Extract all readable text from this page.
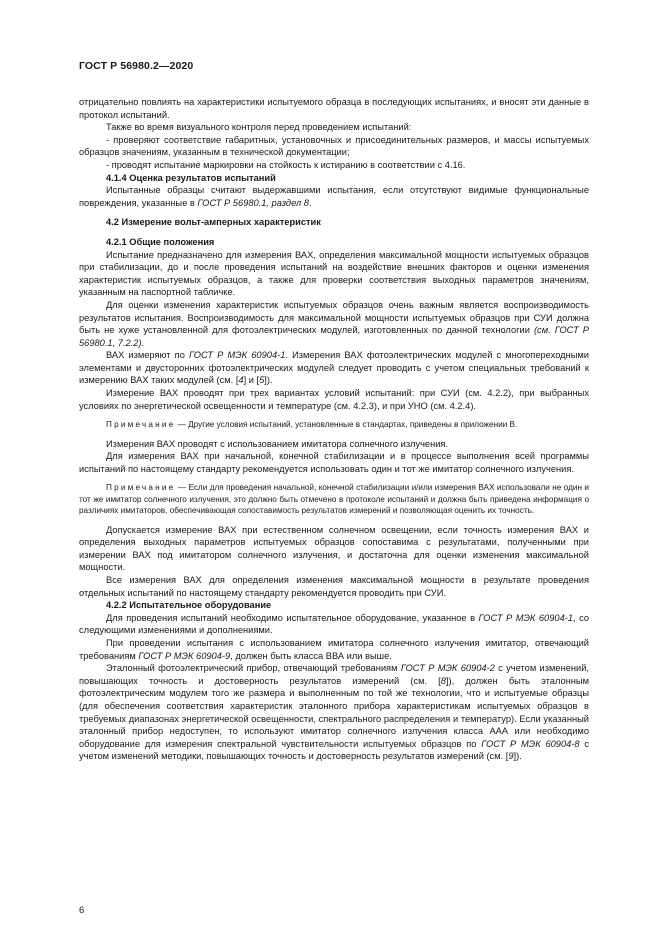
ГОСТ Р 56980.2—2020

отрицательно повлиять на характеристики испытуемого образца в последующих испытаниях, и вносят эти данные в протокол испытаний.

Также во время визуального контроля перед проведением испытаний:

- проверяют соответствие габаритных, установочных и присоединительных размеров, и массы испытуемых образцов значениям, указанным в технической документации;

- проводят испытание маркировки на стойкость к истиранию в соответствии с 4.16.

4.1.4 Оценка результатов испытаний

Испытанные образцы считают выдержавшими испытания, если отсутствуют видимые функциональные повреждения, указанные в ГОСТ Р 56980.1, раздел 8.

4.2 Измерение вольт-амперных характеристик

4.2.1 Общие положения

Испытание предназначено для измерения ВАХ, определения максимальной мощности испытуемых образцов при стабилизации, до и после проведения испытаний на воздействие внешних факторов и оценки изменения характеристик испытуемых образцов, а также для проверки соответствия выходных параметров значениям, указанным на паспортной табличке.

Для оценки изменения характеристик испытуемых образцов очень важным является воспроизводимость результатов испытания. Воспроизводимость для максимальной мощности испытуемых образцов при СУИ должна быть не хуже установленной для фотоэлектрических модулей, изготовленных по данной технологии (см. ГОСТ Р 56980.1, 7.2.2).

ВАХ измеряют по ГОСТ Р МЭК 60904-1. Измерения ВАХ фотоэлектрических модулей с многопереходными элементами и двусторонних фотоэлектрических модулей следует проводить с учетом специальных требований к измерению ВАХ таких модулей (см. [4] и [5]).

Измерение ВАХ проводят при трех вариантах условий испытаний: при СУИ (см. 4.2.2), при выбранных условиях по энергетической освещенности и температуре (см. 4.2.3), и при УНО (см. 4.2.4).

Примечание — Другие условия испытаний, установленные в стандартах, приведены в приложении В.

Измерения ВАХ проводят с использованием имитатора солнечного излучения.

Для измерения ВАХ при начальной, конечной стабилизации и в процессе выполнения всей программы испытаний по настоящему стандарту рекомендуется использовать один и тот же имитатор солнечного излучения.

Примечание — Если для проведения начальной, конечной стабилизации и/или измерения ВАХ использовали не один и тот же имитатор солнечного излучения, это должно быть отмечено в протоколе испытаний и должна быть приведена информация о различиях имитаторов, обеспечивающая сопоставимость результатов измерений и позволяющая оценить их точность.

Допускается измерение ВАХ при естественном солнечном освещении, если точность измерения ВАХ и определения выходных параметров испытуемых образцов сопоставима с результатами, полученными при измерении ВАХ под имитатором солнечного излучения, и достаточна для оценки изменения максимальной мощности.

Все измерения ВАХ для определения изменения максимальной мощности в результате проведения отдельных испытаний по настоящему стандарту рекомендуется проводить при СУИ.

4.2.2 Испытательное оборудование

Для проведения испытаний необходимо испытательное оборудование, указанное в ГОСТ Р МЭК 60904-1, со следующими изменениями и дополнениями.

При проведении испытания с использованием имитатора солнечного излучения имитатор, отвечающий требованиям ГОСТ Р МЭК 60904-9, должен быть класса ВВА или выше.

Эталонный фотоэлектрический прибор, отвечающий требованиям ГОСТ Р МЭК 60904-2 с учетом изменений, повышающих точность и достоверность результатов измерений (см. [8]), должен быть эталонным фотоэлектрическим модулем того же размера и выполненным по той же технологии, что и испытуемые образцы (для обеспечения соответствия характеристик эталонного прибора характеристикам испытуемых образцов в требуемых диапазонах энергетической освещенности, спектрального распределения и температур). Если указанный эталонный прибор недоступен, то используют имитатор солнечного излучения класса ААА или необходимо оборудование для измерения спектральной чувствительности испытуемых образцов по ГОСТ Р МЭК 60904-8 с учетом изменений методики, повышающих точность и достоверность результатов измерений (см. [9]).

6
